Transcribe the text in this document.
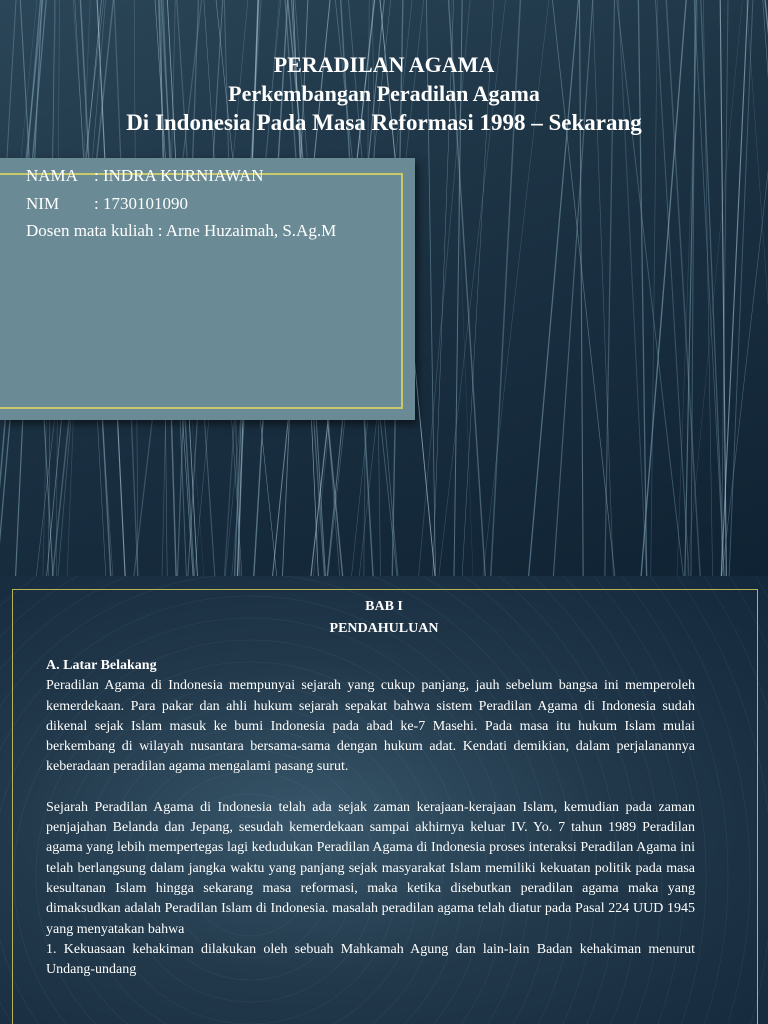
PERADILAN AGAMA
Perkembangan Peradilan Agama
Di Indonesia Pada Masa Reformasi 1998 – Sekarang
NAMA : INDRA KURNIAWAN
NIM : 1730101090
Dosen mata kuliah : Arne Huzaimah, S.Ag.M
BAB I
PENDAHULUAN
A. Latar Belakang

Peradilan Agama di Indonesia mempunyai sejarah yang cukup panjang, jauh sebelum bangsa ini memperoleh kemerdekaan. Para pakar dan ahli hukum sejarah sepakat bahwa sistem Peradilan Agama di Indonesia sudah dikenal sejak Islam masuk ke bumi Indonesia pada abad ke-7 Masehi. Pada masa itu hukum Islam mulai berkembang di wilayah nusantara bersama-sama dengan hukum adat. Kendati demikian, dalam perjalanannya keberadaan peradilan agama mengalami pasang surut.

Sejarah Peradilan Agama di Indonesia telah ada sejak zaman kerajaan-kerajaan Islam, kemudian pada zaman penjajahan Belanda dan Jepang, sesudah kemerdekaan sampai akhirnya keluar IV. Yo. 7 tahun 1989 Peradilan agama yang lebih mempertegas lagi kedudukan Peradilan Agama di Indonesia proses interaksi Peradilan Agama ini telah berlangsung dalam jangka waktu yang panjang sejak masyarakat Islam memiliki kekuatan politik pada masa kesultanan Islam hingga sekarang masa reformasi, maka ketika disebutkan peradilan agama maka yang dimaksudkan adalah Peradilan Islam di Indonesia. masalah peradilan agama telah diatur pada Pasal 224 UUD 1945 yang menyatakan bahwa

1. Kekuasaan kehakiman dilakukan oleh sebuah Mahkamah Agung dan lain-lain Badan kehakiman menurut Undang-undang
